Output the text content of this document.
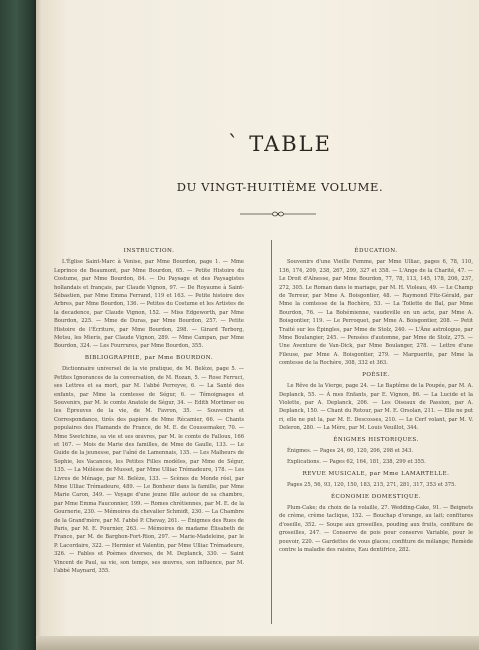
` TABLE
DU VINGT-HUITIÈME VOLUME.
INSTRUCTION.

L'Église Saint-Marc à Venise, par Mme Bourdon, page 1. — Mme Leprince de Beaumont, par Mme Bourdon, 65. — Petite Histoire du Costume, par Mme Bourdon, 84. — Du Paysage et des Paysagistes hollandais et français, par Claude Vignon, 97. — De Royaume à Saint-Sébastien, par Mme Emma Ferrand, 119 et 163. — Petite histoire des Arbres, par Mme Bourdon, 136. — Petites du Costume et les Artistes de la decadence, par Claude Vignon, 152. — Miss Edgeworth, par Mme Bourdon, 225. — Mme de Duras, par Mme Bourdon, 257. — Petite Histoire de l'Écriture, par Mme Bourdon, 298. — Girard Terborg, Metsu, les Mieris, par Claude Vignon, 289. — Mme Campan, par Mme Bourdon, 324. — Les Fourrures, par Mme Bourdon, 355.

BIBLIOGRAPHIE, par Mme BOURDON.

Dictionnaire universel de la vie pratique, de M. Belèze, page 5. — Petites Ignorances de la conversation, de M. Rozan, 5. — Rose Ferruci, ses Lettres et sa mort, par M. l'abbé Perreyve, 6. — La Santé des enfants, par Mme la comtesse de Ségur, 6. — Témoignages et Souvenirs, par M. le comte Anatole de Ségur, 34. — Edith Mortimer ou les Épreuves de la vie, de M. Favron, 35. — Souvenirs et Correspondance, tirés des papiers de Mme Récamier, 66. — Chants populaires des Flamands de France, de M. E. de Coussemaker, 70. — Mme Swetchine, sa vie et ses œuvres, par M. le comte de Falloux, 166 et 167. — Mois de Marie des familles, de Mme de Gaulle, 133. — Le Guide de la jeunesse, par l'aîné de Lamennais, 135. — Les Malheurs de Sophie, les Vacances, les Petites Filles modèles, par Mme de Ségur, 135. — La Mélèsse de Musset, par Mme Ulliac Trémadeure, 178. — Les Livres de Ménage, par M. Belèze, 133. — Scènes du Monde réel, par Mme Ulliac Trémadeure, 489. — Le Bonheur dans la famille, par Mme Marie Caron, 349. — Voyage d'une jeune fille autour de sa chambre, par Mme Emma Fauconnier, 199. — Romes chrétiennes, par M. E. de la Gournerie, 230. — Mémoires du chevalier Schmidt, 230. — La Chambre de la Grand'mère, par M. l'abbé P. Chevay, 261. — Énigmes des Rues de Paris, par M. E. Fournier, 263. — Mémoires de madame Élisabeth de France, par M. de Barghon-Fort-Rion, 297. — Marie-Madeleine, par le P. Lacordaire, 322. — Hermier et Valentin, par Mme Ulliac Trémadeure, 326. — Fables et Poèmes diverses, de M. Deplanck, 330. — Saint Vincent de Paul, sa vie, son temps, ses œuvres, son influence, par M. l'abbé Maynard, 355.

ÉDUCATION.

Souvenirs d'une Vieille Femme, par Mme Ulliac, pages 6, 78, 110, 136, 174, 209, 238, 267, 299, 327 et 358. — L'Ange de la Charité, 47. — Le Droit d'Aînesse, par Mme Bourdon, 77, 78, 113, 145, 178, 206, 237, 272, 305. Le Roman dans le mariage, par M. H. Violeau, 49. — Le Champ de Terreur, par Mme A. Boisgontier, 48. — Raymond Fitz-Gérald, par Mme la comtesse de la Rochère, 53. — La Toilette de Bal, par Mme Bourdon, 76. — La Bohémienne, vaudeville en un acte, par Mme A. Boisgontier, 119. — Le Perroquet, par Mme A. Boisgontier, 208. — Petit Traité sur les Épingles, par Mme de Stolz, 240. — L'Âne astrologue, par Mme Boulangier, 245. — Pensées d'automne, par Mme de Stolz, 275. — Une Aventure de Van-Dick, par Mme Boulanger, 278. — Lettre d'une Fileuse, par Mme A. Boisgontier, 279. — Marguerite, par Mme la comtesse de la Rochère, 308, 332 et 363.

POÉSIE.

Le Rêve de la Vierge, page 24. — Le Baptême de la Poupée, par M. A. Deplanck, 55. — À mes Enfants, par E. Vignon, 86. — La Lucide et la Violette, par A. Deplanck, 206. — Les Oiseaux de Passion, par A. Deplanck, 150. — Chant du Retour, par M. E. Orsolan, 211. — Elle ne put ri, elle ne put la, par M. E. Descosses, 210. — Le Cerf volant, par M. V. Deleron, 280. — La Mère, par M. Louis Veuillot, 344.

ÉNIGMES HISTORIQUES.

Énigmes. — Pages 24, 60, 120, 206, 298 et 343.

Explications. — Pages 62, 164, 181, 238, 299 et 355.

REVUE MUSICALE, par Mme LAMARTELLE.

Pages 25, 56, 93, 120, 150, 183, 215, 271, 281, 317, 353 et 375.

ÉCONOMIE DOMESTIQUE.

Plum-Cake; du choix de la volaille, 27. Wedding-Cake, 91. — Beignets de crème, crème taclique, 152. — Bouchap d'orange, au lait; confitures d'oseille, 352. — Soupe aux groseilles, pouding aux fruits, confiture de groseilles, 247. — Conserve de pois pour conserve Variable, pour le pouvoir, 220. — Gardettes de vous glaces; confiture de mélange; Remède contre la maladie des raisins, Eau dentifrice, 282.
